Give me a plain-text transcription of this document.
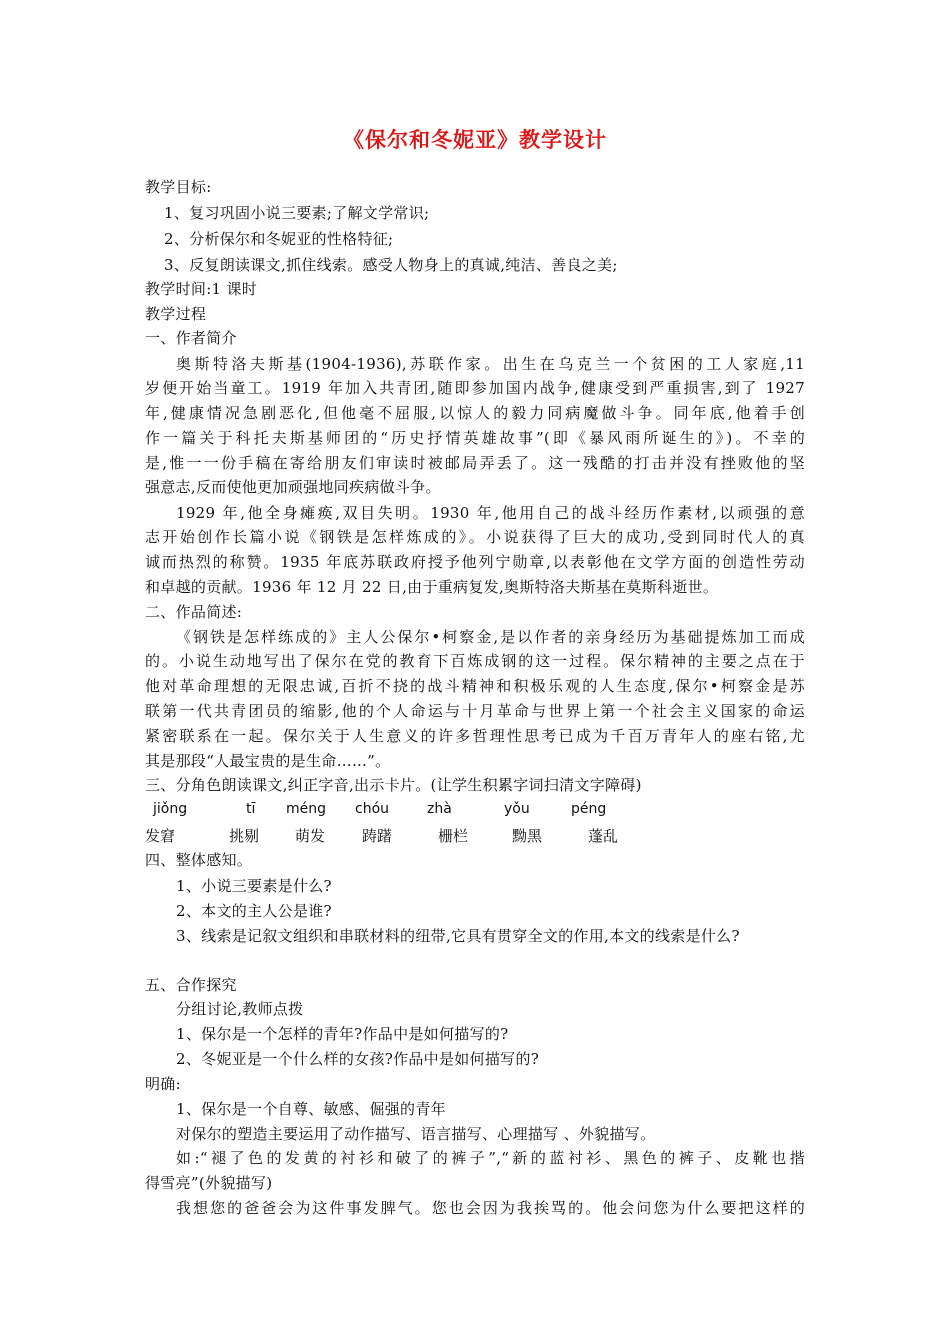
《保尔和冬妮亚》教学设计
教学目标:
1、复习巩固小说三要素;了解文学常识;
2、分析保尔和冬妮亚的性格特征;
3、反复朗读课文,抓住线索。感受人物身上的真诚,纯洁、善良之美;
教学时间:1 课时
教学过程
一、作者简介
奥斯特洛夫斯基(1904-1936),苏联作家。出生在乌克兰一个贫困的工人家庭,11
岁便开始当童工。1919 年加入共青团,随即参加国内战争,健康受到严重损害,到了 1927
年,健康情况急剧恶化,但他毫不屈服,以惊人的毅力同病魔做斗争。同年底,他着手创
作一篇关于科托夫斯基师团的“历史抒情英雄故事”(即《暴风雨所诞生的》)。不幸的
是,惟一一份手稿在寄给朋友们审读时被邮局弄丢了。这一残酷的打击并没有挫败他的坚
强意志,反而使他更加顽强地同疾病做斗争。
1929 年,他全身瘫痪,双目失明。1930 年,他用自己的战斗经历作素材,以顽强的意
志开始创作长篇小说《钢铁是怎样炼成的》。小说获得了巨大的成功,受到同时代人的真
诚而热烈的称赞。1935 年底苏联政府授予他列宁勋章,以表彰他在文学方面的创造性劳动
和卓越的贡献。1936 年 12 月 22 日,由于重病复发,奥斯特洛夫斯基在莫斯科逝世。
二、作品简述:
《钢铁是怎样练成的》主人公保尔•柯察金,是以作者的亲身经历为基础提炼加工而成
的。小说生动地写出了保尔在党的教育下百炼成钢的这一过程。保尔精神的主要之点在于
他对革命理想的无限忠诚,百折不挠的战斗精神和积极乐观的人生态度,保尔•柯察金是苏
联第一代共青团员的缩影,他的个人命运与十月革命与世界上第一个社会主义国家的命运
紧密联系在一起。保尔关于人生意义的许多哲理性思考已成为千百万青年人的座右铭,尤
其是那段“人最宝贵的是生命……”。
三、分角色朗读课文,纠正字音,出示卡片。(让学生积累字词扫清文字障碍)
jiǒng	tī méng chóu	zhà	yǒu	péng
发窘	挑剔 萌发 踌躇	栅栏	黝黑	蓬乱
四、整体感知。
1、小说三要素是什么?
2、本文的主人公是谁?
3、线索是记叙文组织和串联材料的纽带,它具有贯穿全文的作用,本文的线索是什么?
五、合作探究
分组讨论,教师点拨
1、保尔是一个怎样的青年?作品中是如何描写的?
2、冬妮亚是一个什么样的女孩?作品中是如何描写的?
明确:
1、保尔是一个自尊、敏感、倔强的青年
对保尔的塑造主要运用了动作描写、语言描写、心理描写 、外貌描写。
如:“褪了色的发黄的衬衫和破了的裤子”,“新的蓝衬衫、黑色的裤子、皮靴也揩
得雪亮”(外貌描写)
我想您的爸爸会为这件事发脾气。您也会因为我挨骂的。他会问您为什么要把这样的
